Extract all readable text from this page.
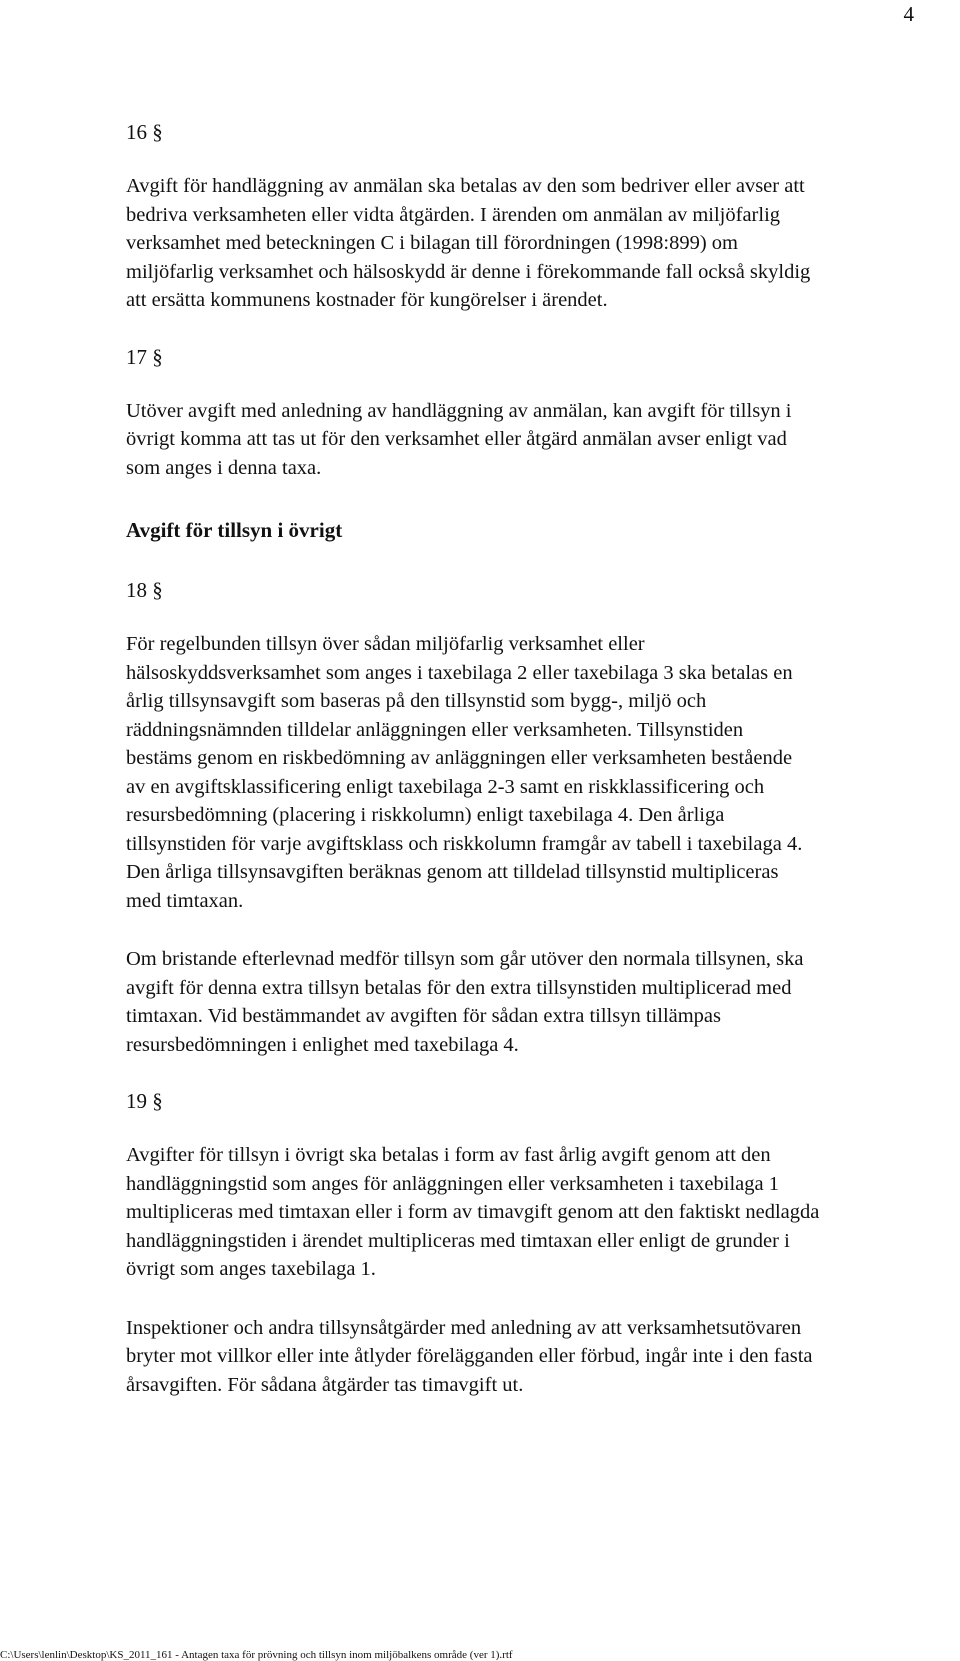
4

16 §

Avgift för handläggning av anmälan ska betalas av den som bedriver eller avser att
bedriva verksamheten eller vidta åtgärden. I ärenden om anmälan av miljöfarlig
verksamhet med beteckningen C i bilagan till förordningen (1998:899) om
miljöfarlig verksamhet och hälsoskydd är denne i förekommande fall också skyldig
att ersätta kommunens kostnader för kungörelser i ärendet.

17 §

Utöver avgift med anledning av handläggning av anmälan, kan avgift för tillsyn i
övrigt komma att tas ut för den verksamhet eller åtgärd anmälan avser enligt vad
som anges i denna taxa.

Avgift för tillsyn i övrigt

18 §

För regelbunden tillsyn över sådan miljöfarlig verksamhet eller
hälsoskyddsverksamhet som anges i taxebilaga 2 eller taxebilaga 3 ska betalas en
årlig tillsynsavgift som baseras på den tillsynstid som bygg-, miljö och
räddningsnämnden tilldelar anläggningen eller verksamheten. Tillsynstiden
bestäms genom en riskbedömning av anläggningen eller verksamheten bestående
av en avgiftsklassificering enligt taxebilaga 2-3 samt en riskklassificering och
resursbedömning (placering i riskkolumn) enligt taxebilaga 4. Den årliga
tillsynstiden för varje avgiftsklass och riskkolumn framgår av tabell i taxebilaga 4.
Den årliga tillsynsavgiften beräknas genom att tilldelad tillsynstid multipliceras
med timtaxan.

Om bristande efterlevnad medför tillsyn som går utöver den normala tillsynen, ska
avgift för denna extra tillsyn betalas för den extra tillsynstiden multiplicerad med
timtaxan. Vid bestämmandet av avgiften för sådan extra tillsyn tillämpas
resursbedömningen i enlighet med taxebilaga 4.

19 §

Avgifter för tillsyn i övrigt ska betalas i form av fast årlig avgift genom att den
handläggningstid som anges för anläggningen eller verksamheten i taxebilaga 1
multipliceras med timtaxan eller i form av timavgift genom att den faktiskt nedlagda
handläggningstiden i ärendet multipliceras med timtaxan eller enligt de grunder i
övrigt som anges taxebilaga 1.

Inspektioner och andra tillsynsåtgärder med anledning av att verksamhetsutövaren
bryter mot villkor eller inte åtlyder förelägganden eller förbud, ingår inte i den fasta
årsavgiften. För sådana åtgärder tas timavgift ut.

C:\Users\lenlin\Desktop\KS_2011_161 - Antagen taxa för prövning och tillsyn inom miljöbalkens område (ver 1).rtf
